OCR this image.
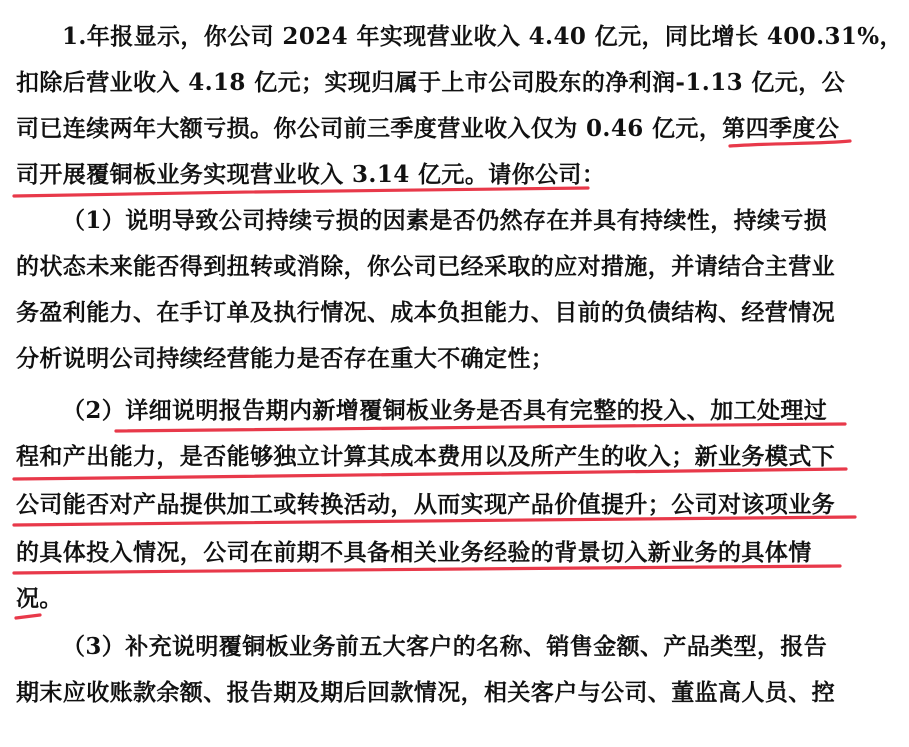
1.年报显示，你公司 2024 年实现营业收入 4.40 亿元，同比增长 400.31%，
扣除后营业收入 4.18 亿元；实现归属于上市公司股东的净利润-1.13 亿元，公
司已连续两年大额亏损。你公司前三季度营业收入仅为 0.46 亿元，第四季度公
司开展覆铜板业务实现营业收入 3.14 亿元。请你公司：
（1）说明导致公司持续亏损的因素是否仍然存在并具有持续性，持续亏损
的状态未来能否得到扭转或消除，你公司已经采取的应对措施，并请结合主营业
务盈利能力、在手订单及执行情况、成本负担能力、目前的负债结构、经营情况
分析说明公司持续经营能力是否存在重大不确定性；
（2）详细说明报告期内新增覆铜板业务是否具有完整的投入、加工处理过
程和产出能力，是否能够独立计算其成本费用以及所产生的收入；新业务模式下
公司能否对产品提供加工或转换活动，从而实现产品价值提升；公司对该项业务
的具体投入情况，公司在前期不具备相关业务经验的背景切入新业务的具体情
况。
（3）补充说明覆铜板业务前五大客户的名称、销售金额、产品类型，报告
期末应收账款余额、报告期及期后回款情况，相关客户与公司、董监高人员、控
